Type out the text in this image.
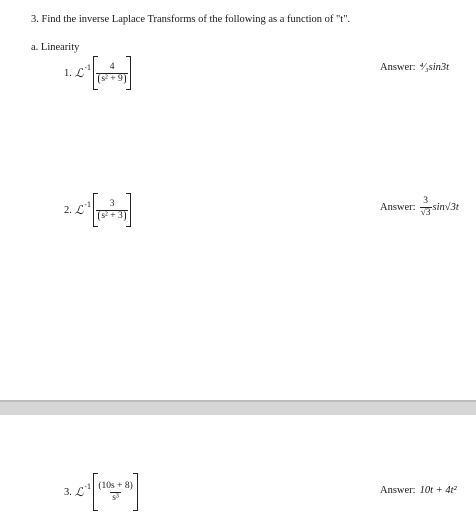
3. Find the inverse Laplace Transforms of the following as a function of "t".
a. Linearity
1. ℒ$^{-1}$ $\frac{4}{\text{s² + 9}}$	Answer: ⁴⁄₃sin3t
2. ℒ$^{-1}$ $\frac{3}{\text{s² + 3}}$	Answer: $\frac{3}{√3} \sin√3t$
3. ℒ$^{-1}$ $\frac{(10s + 8)}{\text{s³}}$	Answer: 10t + 4t²
